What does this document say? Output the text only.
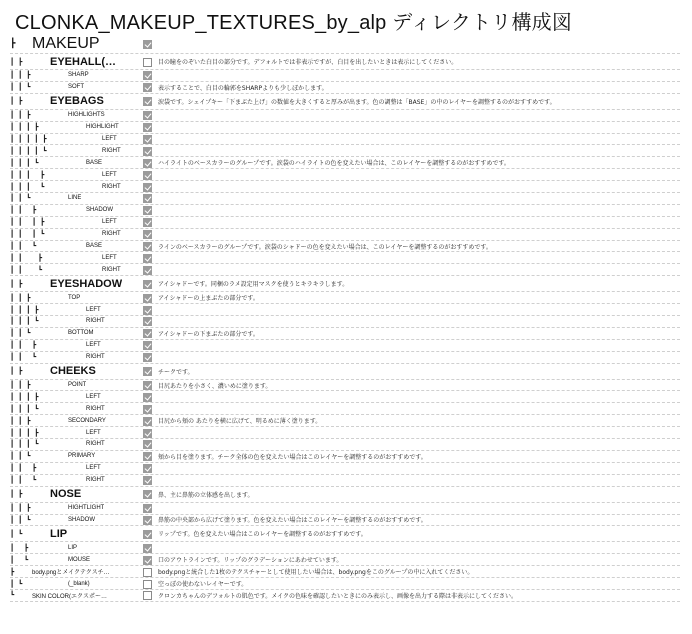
CLONKA_MAKEUP_TEXTURES_by_alp ディレクトリ構成図
┣ MAKEUP
┃  ┣	EYEHALL(…	目の瞳をのぞいた白目の部分です。デフォルトでは非表示ですが、白目を出したいときは表示にしてください。
┃  ┃  ┣	SHARP
┃  ┃  ┗	SOFT	表示することで、白目の輪郭をSHARPよりも少しぼかします。
┃  ┣	EYEBAGS	涙袋です。シェイプキー「下まぶた上げ」の数値を大きくすると厚みが出ます。色の調整は「BASE」の中のレイヤーを調整するのがおすすめです。
┃  ┃  ┣	HIGHLIGHTS
┃  ┃  ┃  ┣	HIGHLIGHT
┃  ┃  ┃  ┃  ┣	LEFT
┃  ┃  ┃  ┃  ┗	RIGHT
┃  ┃  ┃  ┗	BASE	ハイライトのベースカラーのグループです。涙袋のハイライトの色を変えたい場合は、このレイヤーを調整するのがおすすめです。
┃  ┃  ┃     ┣	LEFT
┃  ┃  ┃     ┗	RIGHT
┃  ┃  ┗	LINE
┃  ┃     ┣	SHADOW
┃  ┃     ┃  ┣	LEFT
┃  ┃     ┃  ┗	RIGHT
┃  ┃     ┗	BASE	ラインのベースカラーのグループです。涙袋のシャドーの色を変えたい場合は、このレイヤーを調整するのがおすすめです。
┃  ┃        ┣	LEFT
┃  ┃        ┗	RIGHT
┃  ┣	EYESHADOW	アイシャドーです。同梱のラメ設定用マスクを使うとキラキラします。
┃  ┃  ┣	TOP	アイシャドーの上まぶたの部分です。
┃  ┃  ┃  ┣	LEFT
┃  ┃  ┃  ┗	RIGHT
┃  ┃  ┗	BOTTOM	アイシャドーの下まぶたの部分です。
┃  ┃     ┣	LEFT
┃  ┃     ┗	RIGHT
┃  ┣	CHEEKS	チークです。
┃  ┃  ┣	POINT	目尻あたりを小さく、濃いめに塗ります。
┃  ┃  ┃  ┣	LEFT
┃  ┃  ┃  ┗	RIGHT
┃  ┃  ┣	SECONDARY	目尻から頬の あたりを横に広げて、明るめに薄く塗ります。
┃  ┃  ┃  ┣	LEFT
┃  ┃  ┃  ┗	RIGHT
┃  ┃  ┗	PRIMARY	頬から目を塗ります。チーク全体の色を変えたい場合はこのレイヤーを調整するのがおすすめです。
┃  ┃     ┣	LEFT
┃  ┃     ┗	RIGHT
┃  ┣	NOSE	鼻、主に鼻筋の立体感を出します。
┃  ┃  ┣	HIGHTLIGHT
┃  ┃  ┗	SHADOW	鼻筋の中央部から広げて塗ります。色を変えたい場合はこのレイヤーを調整するのがおすすめです。
┃  ┗	LIP	リップです。色を変えたい場合はこのレイヤーを調整するのがおすすめです。
┃     ┣	LIP
┃     ┗	MOUSE	口のアウトラインです。リップのグラデーションにあわせています。
┣	body.pngとメイクテクスチ…	body.pngと統合した1枚のテクスチャーとして使用したい場合は、body.pngをこのグループの中に入れてください。
┃  ┗	(_blank)	空っぽの使わないレイヤーです。
┗	SKIN COLOR(エクスポー…	クロンカちゃんのデフォルトの肌色です。メイクの色味を確認したいときにのみ表示し、画像を出力する際は非表示にしてください。
